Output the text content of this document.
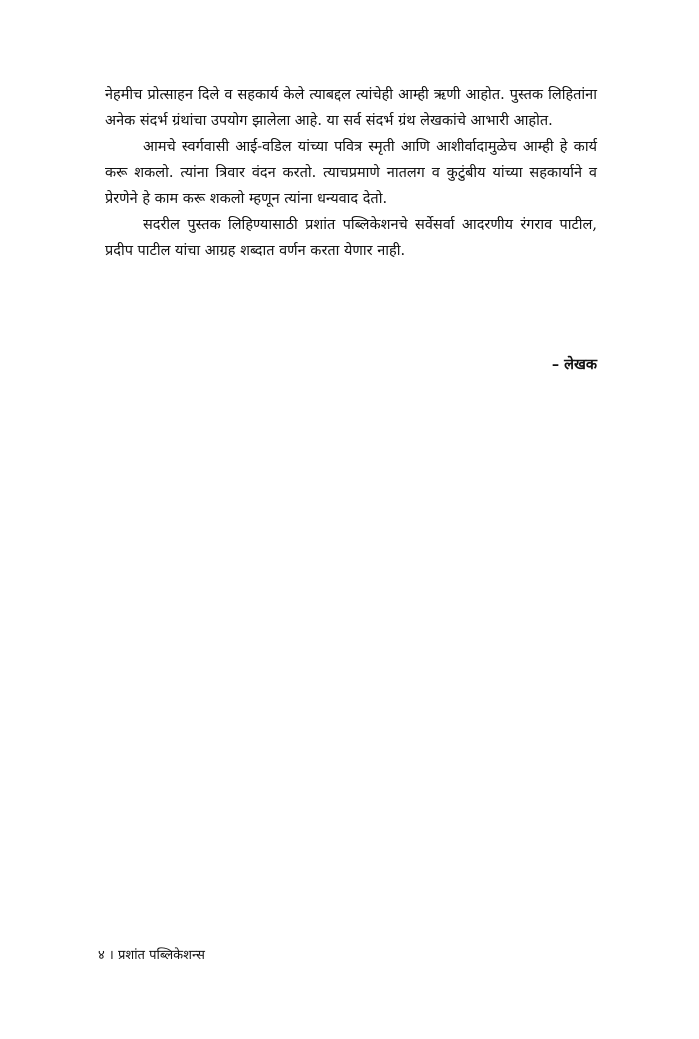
नेहमीच प्रोत्साहन दिले व सहकार्य केले त्याबद्दल त्यांचेही आम्ही ऋणी आहोत. पुस्तक लिहितांना अनेक संदर्भ ग्रंथांचा उपयोग झालेला आहे. या सर्व संदर्भ ग्रंथ लेखकांचे आभारी आहोत.

आमचे स्वर्गवासी आई-वडिल यांच्या पवित्र स्मृती आणि आशीर्वादामुळेच आम्ही हे कार्य करू शकलो. त्यांना त्रिवार वंदन करतो. त्याचप्रमाणे नातलग व कुटुंबीय यांच्या सहकार्याने व प्रेरणेने हे काम करू शकलो म्हणून त्यांना धन्यवाद देतो.

सदरील पुस्तक लिहिण्यासाठी प्रशांत पब्लिकेशनचे सर्वेसर्वा आदरणीय रंगराव पाटील, प्रदीप पाटील यांचा आग्रह शब्दात वर्णन करता येणार नाही.

– लेखक
४ । प्रशांत पब्लिकेशन्स
